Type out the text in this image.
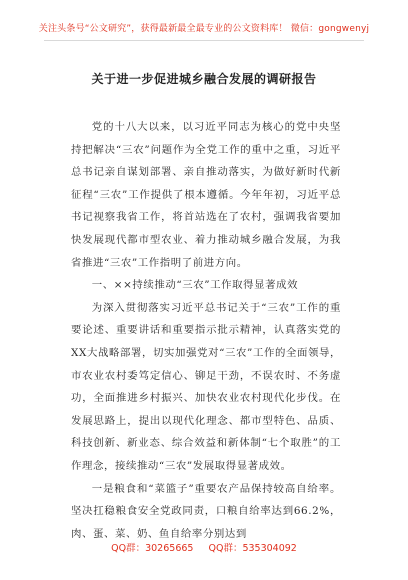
关注头条号“公文研究”，获得最新最全最专业的公文资料库！ 微信：gongwenyj
关于进一步促进城乡融合发展的调研报告

党的十八大以来，以习近平同志为核心的党中央坚持把解决“三农”问题作为全党工作的重中之重，习近平总书记亲自谋划部署、亲自推动落实，为做好新时代新征程“三农”工作提供了根本遵循。今年年初，习近平总书记视察我省工作，将首站选在了农村，强调我省要加快发展现代都市型农业、着力推动城乡融合发展，为我省推进“三农”工作指明了前进方向。

一、××持续推动“三农”工作取得显著成效

为深入贯彻落实习近平总书记关于“三农”工作的重要论述、重要讲话和重要指示批示精神，认真落实党的XX大战略部署，切实加强党对“三农”工作的全面领导，市农业农村委笃定信心、铆足干劲，不误农时、不务虚功，全面推进乡村振兴、加快农业农村现代化步伐。在发展思路上，提出以现代化理念、都市型特色、品质、科技创新、新业态、综合效益和新体制“七个取胜”的工作理念，接续推动“三农”发展取得显著成效。

一是粮食和“菜篮子”重要农产品保持较高自给率。坚决扛稳粮食安全党政同责，口粮自给率达到66.2%，肉、蛋、菜、奶、鱼自给率分别达到

QQ群：30265665 QQ群：535304092
